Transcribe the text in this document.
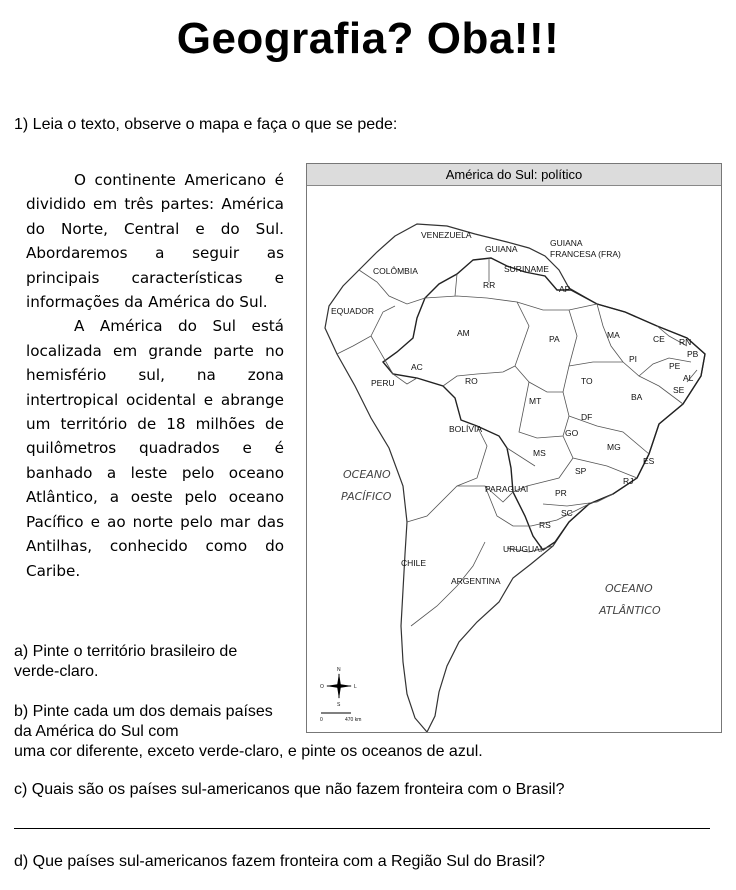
Geografia? Oba!!!
1) Leia o texto, observe o mapa e faça o que se pede:

O continente Americano é dividido em três partes: América do Norte, Central e do Sul. Abordaremos a seguir as principais características e informações da América do Sul.

A América do Sul está localizada em grande parte no hemisfério sul, na zona intertropical ocidental e abrange um território de 18 milhões de quilômetros quadrados e é banhado a leste pelo oceano Atlântico, a oeste pelo oceano Pacífico e ao norte pelo mar das Antilhas, conhecido como do Caribe.

América do Sul: político
VENEZUELA
GUIANA
GUIANA
FRANCESA (FRA)
SURINAME
COLÔMBIA
EQUADOR
PERU
BOLÍVIA
PARAGUAI
URUGUAI
CHILE
ARGENTINA
RR	AP
AM
PA	MA	CE RN
PB
PI
PE
AL
SE
AC
RO	TO
BA
MT
DF
GO
MG
ES
MS
SP
RJ
PR
SC
RS
OCEANO
PACÍFICO
OCEANO
ATLÂNTICO
N
S
O	L
0	470 km
a) Pinte o território brasileiro de verde-claro.
b) Pinte cada um dos demais países da América do Sul com
uma cor diferente, exceto verde-claro, e pinte os oceanos de azul.
c) Quais são os países sul-americanos que não fazem fronteira com o Brasil?
d) Que países sul-americanos fazem fronteira com a Região Sul do Brasil?
